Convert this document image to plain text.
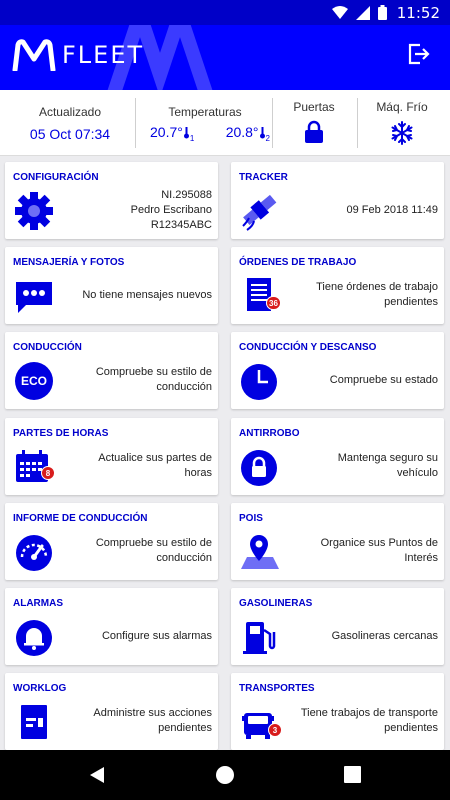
11:52
FLEET
Actualizado
05 Oct 07:34
Temperaturas
20.7° $_1$ 20.8° $_2$
Puertas	Máq. Frío
CONFIGURACIÓN
NI.295088
Pedro Escribano
R12345ABC
TRACKER
09 Feb 2018 11:49
MENSAJERÍA Y FOTOS
No tiene mensajes nuevos
ÓRDENES DE TRABAJO
36
Tiene órdenes de trabajo
pendientes
CONDUCCIÓN
ECO
Compruebe su estilo de
conducción
CONDUCCIÓN Y DESCANSO
Compruebe su estado
PARTES DE HORAS
8
Actualice sus partes de
horas
ANTIRROBO
Mantenga seguro su
vehículo
INFORME DE CONDUCCIÓN
Compruebe su estilo de
conducción
POIS
Organice sus Puntos de
Interés
ALARMAS
Configure sus alarmas
GASOLINERAS
Gasolineras cercanas
WORKLOG
Administre sus acciones
pendientes
TRANSPORTES
3
Tiene trabajos de transporte
pendientes
